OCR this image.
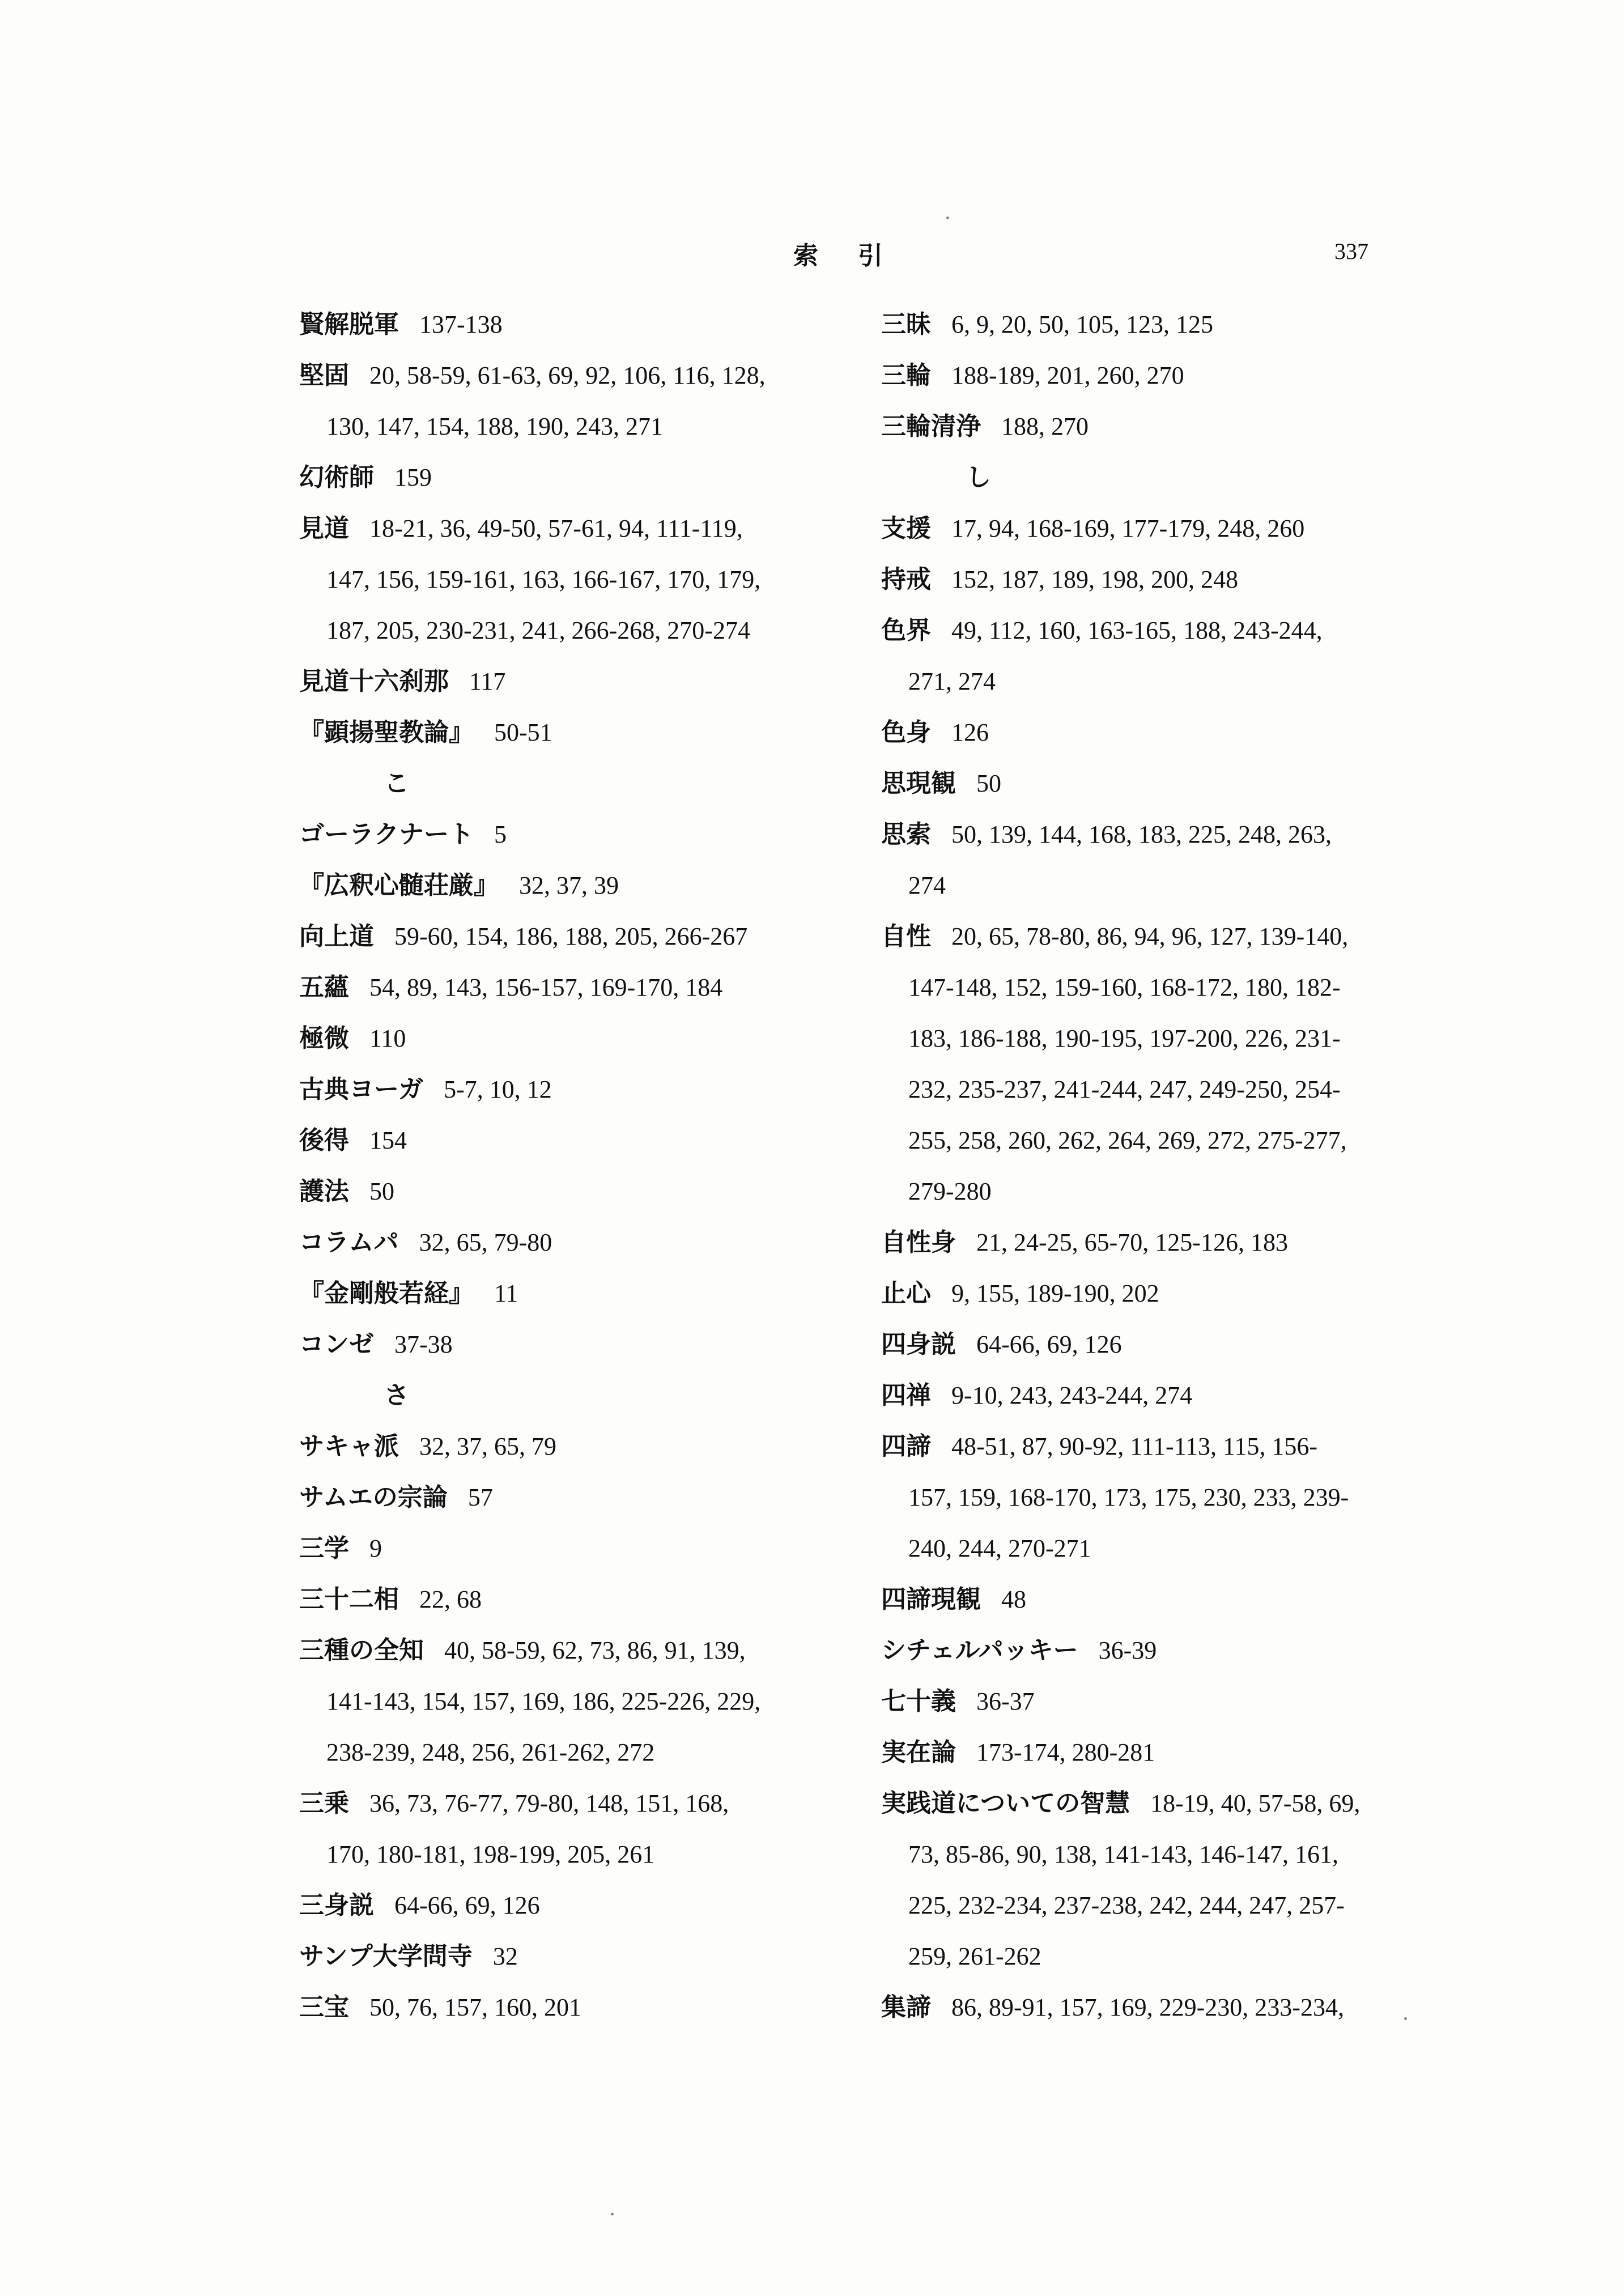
索引	337
賢解脱軍 137-138
堅固 20, 58-59, 61-63, 69, 92, 106, 116, 128,
130, 147, 154, 188, 190, 243, 271
幻術師 159
見道 18-21, 36, 49-50, 57-61, 94, 111-119,
147, 156, 159-161, 163, 166-167, 170, 179,
187, 205, 230-231, 241, 266-268, 270-274
見道十六刹那 117
『顕揚聖教論』 50-51
こ
ゴーラクナート 5
『広釈心髄荘厳』 32, 37, 39
向上道 59-60, 154, 186, 188, 205, 266-267
五蘊 54, 89, 143, 156-157, 169-170, 184
極微 110
古典ヨーガ 5-7, 10, 12
後得 154
護法 50
コラムパ 32, 65, 79-80
『金剛般若経』 11
コンゼ 37-38
さ
サキャ派 32, 37, 65, 79
サムエの宗論 57
三学 9
三十二相 22, 68
三種の全知 40, 58-59, 62, 73, 86, 91, 139,
141-143, 154, 157, 169, 186, 225-226, 229,
238-239, 248, 256, 261-262, 272
三乗 36, 73, 76-77, 79-80, 148, 151, 168,
170, 180-181, 198-199, 205, 261
三身説 64-66, 69, 126
サンプ大学問寺 32
三宝 50, 76, 157, 160, 201
三昧 6, 9, 20, 50, 105, 123, 125
三輪 188-189, 201, 260, 270
三輪清浄 188, 270
し
支援 17, 94, 168-169, 177-179, 248, 260
持戒 152, 187, 189, 198, 200, 248
色界 49, 112, 160, 163-165, 188, 243-244,
271, 274
色身 126
思現観 50
思索 50, 139, 144, 168, 183, 225, 248, 263,
274
自性 20, 65, 78-80, 86, 94, 96, 127, 139-140,
147-148, 152, 159-160, 168-172, 180, 182-
183, 186-188, 190-195, 197-200, 226, 231-
232, 235-237, 241-244, 247, 249-250, 254-
255, 258, 260, 262, 264, 269, 272, 275-277,
279-280
自性身 21, 24-25, 65-70, 125-126, 183
止心 9, 155, 189-190, 202
四身説 64-66, 69, 126
四禅 9-10, 243, 243-244, 274
四諦 48-51, 87, 90-92, 111-113, 115, 156-
157, 159, 168-170, 173, 175, 230, 233, 239-
240, 244, 270-271
四諦現観 48
シチェルパッキー 36-39
七十義 36-37
実在論 173-174, 280-281
実践道についての智慧 18-19, 40, 57-58, 69,
73, 85-86, 90, 138, 141-143, 146-147, 161,
225, 232-234, 237-238, 242, 244, 247, 257-
259, 261-262
集諦 86, 89-91, 157, 169, 229-230, 233-234,
